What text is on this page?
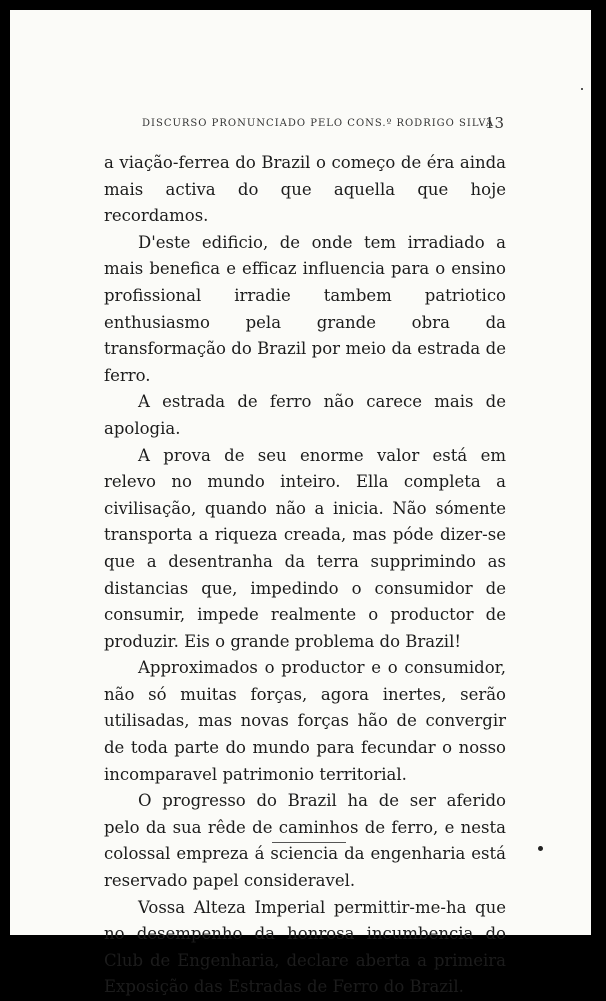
DISCURSO PRONUNCIADO PELO CONS.º RODRIGO SILVA
13

a viação-ferrea do Brazil o começo de éra ainda mais activa do que aquella que hoje recordamos.

D'este edificio, de onde tem irradiado a mais benefica e efficaz influencia para o ensino profissional irradie tambem patriotico enthusiasmo pela grande obra da transformação do Brazil por meio da estrada de ferro.

A estrada de ferro não carece mais de apologia.

A prova de seu enorme valor está em relevo no mundo inteiro. Ella completa a civilisação, quando não a inicia. Não sómente transporta a riqueza creada, mas póde dizer-se que a desentranha da terra supprimindo as distancias que, impedindo o consumidor de consumir, impede realmente o productor de produzir. Eis o grande problema do Brazil!

Approximados o productor e o consumidor, não só muitas forças, agora inertes, serão utilisadas, mas novas forças hão de convergir de toda parte do mundo para fecundar o nosso incomparavel patrimonio territorial.

O progresso do Brazil ha de ser aferido pelo da sua rêde de caminhos de ferro, e nesta colossal empreza á sciencia da engenharia está reservado papel consideravel.

Vossa Alteza Imperial permittir-me-ha que no desempenho da honrosa incumbencia do Club de Engenharia, declare aberta a primeira Exposição das Estradas de Ferro do Brazil.
